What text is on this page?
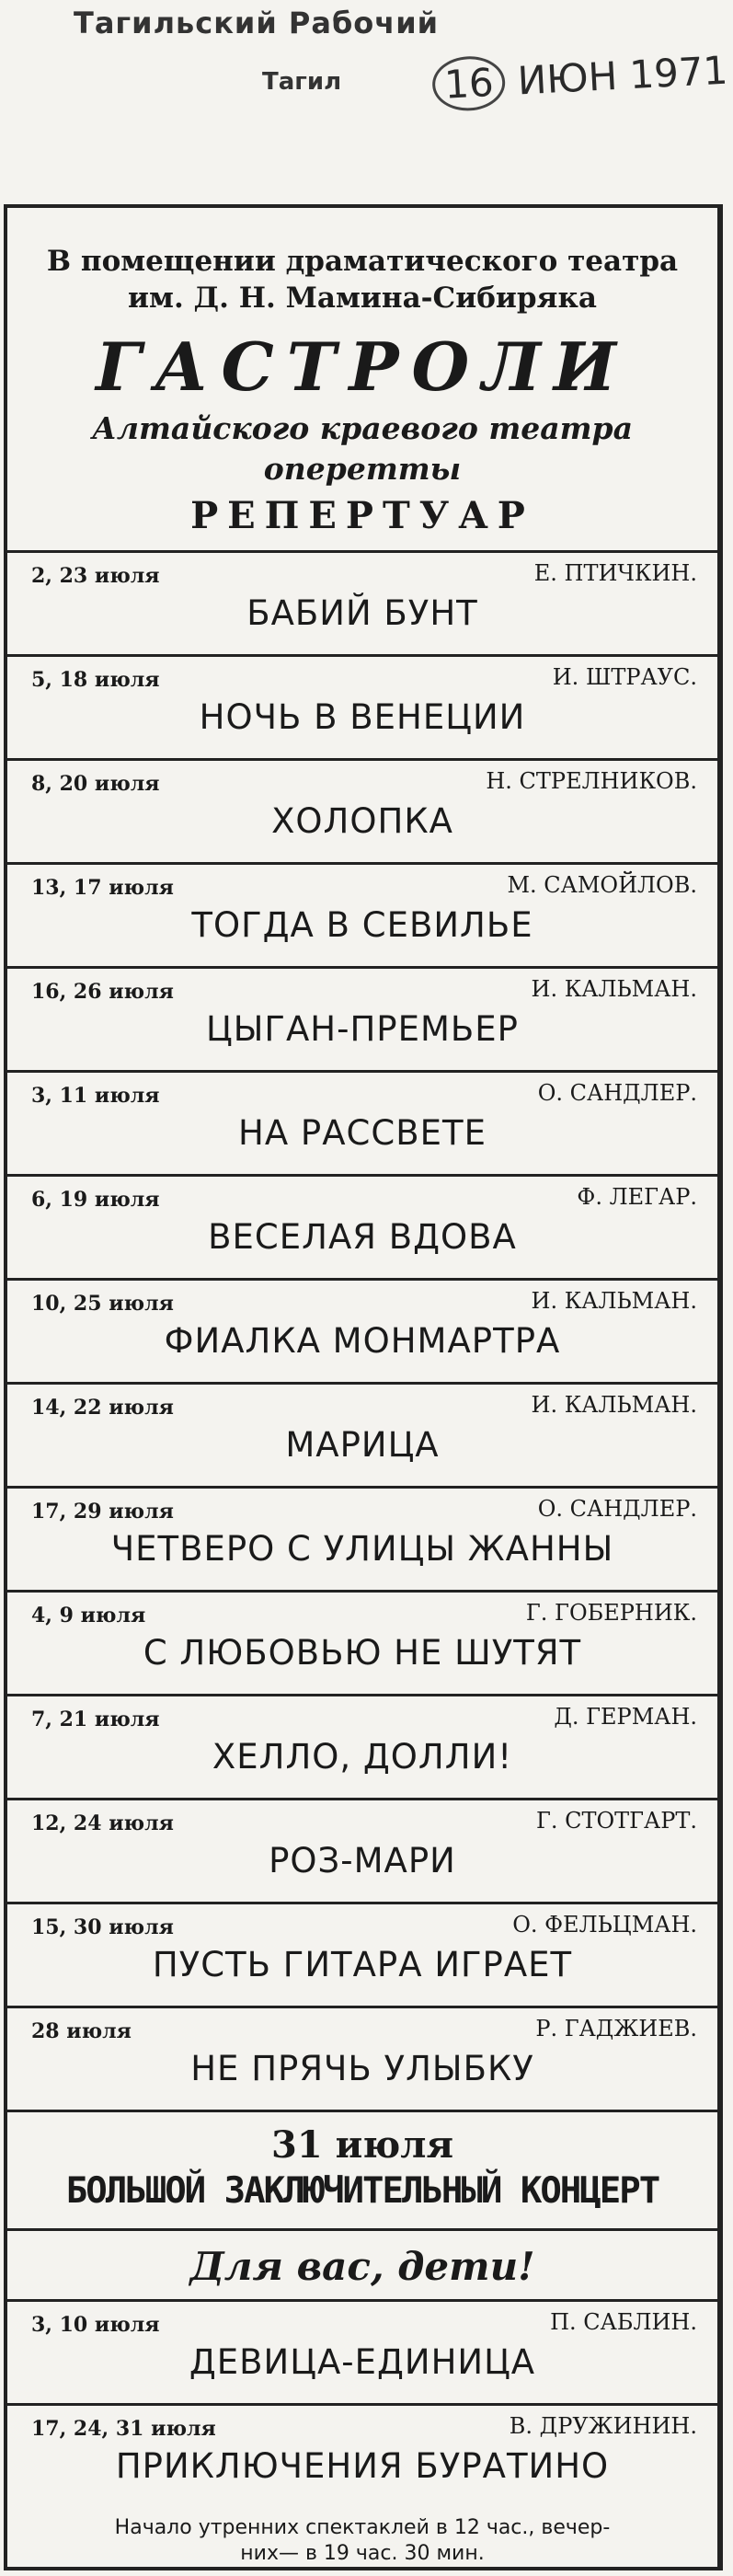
Тагильский Рабочий
Тагил	16 ИЮН 1971
В помещении драматического театра
им. Д. Н. Мамина-Сибиряка
ГАСТРОЛИ
Алтайского краевого театра оперетты
РЕПЕРТУАР
2, 23 июля	Е. ПТИЧКИН.
БАБИЙ БУНТ
5, 18 июля	И. ШТРАУС.
НОЧЬ В ВЕНЕЦИИ
8, 20 июля	Н. СТРЕЛНИКОВ.
ХОЛОПКА
13, 17 июля	М. САМОЙЛОВ.
ТОГДА В СЕВИЛЬЕ
16, 26 июля	И. КАЛЬМАН.
ЦЫГАН-ПРЕМЬЕР
3, 11 июля	О. САНДЛЕР.
НА РАССВЕТЕ
6, 19 июля	Ф. ЛЕГАР.
ВЕСЕЛАЯ ВДОВА
10, 25 июля	И. КАЛЬМАН.
ФИАЛКА МОНМАРТРА
14, 22 июля	И. КАЛЬМАН.
МАРИЦА
17, 29 июля	О. САНДЛЕР.
ЧЕТВЕРО С УЛИЦЫ ЖАННЫ
4, 9 июля	Г. ГОБЕРНИК.
С ЛЮБОВЬЮ НЕ ШУТЯТ
7, 21 июля	Д. ГЕРМАН.
ХЕЛЛО, ДОЛЛИ!
12, 24 июля	Г. СТОТГАРТ.
РОЗ-МАРИ
15, 30 июля	О. ФЕЛЬЦМАН.
ПУСТЬ ГИТАРА ИГРАЕТ
28 июля	Р. ГАДЖИЕВ.
НЕ ПРЯЧЬ УЛЫБКУ
31 июля
БОЛЬШОЙ ЗАКЛЮЧИТЕЛЬНЫЙ КОНЦЕРТ
Для вас, дети!
3, 10 июля	П. САБЛИН.
ДЕВИЦА-ЕДИНИЦА
17, 24, 31 июля	В. ДРУЖИНИН.
ПРИКЛЮЧЕНИЯ БУРАТИНО
Начало утренних спектаклей в 12 час., вечер-
них— в 19 час. 30 мин.
